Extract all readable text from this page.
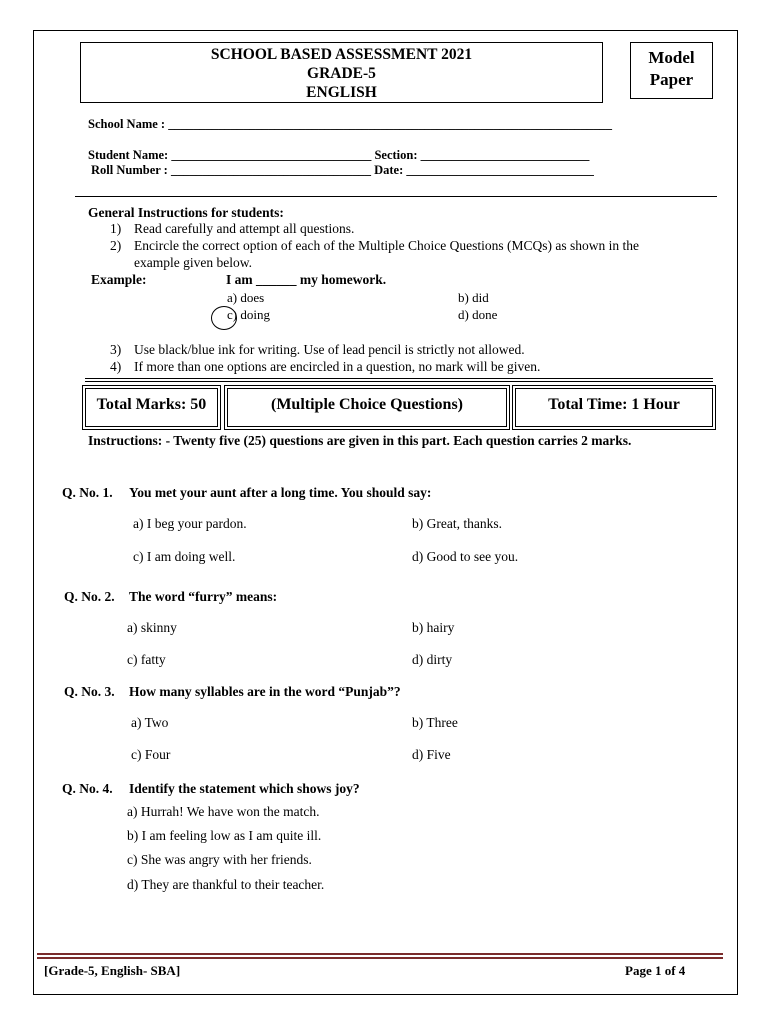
SCHOOL BASED ASSESSMENT 2021
GRADE-5
ENGLISH
Model
Paper
School Name : _______________________________________________________________________
Student Name: ________________________________ Section: ___________________________
Roll Number : ________________________________ Date: ______________________________
General Instructions for students:
1) Read carefully and attempt all questions.
2) Encircle the correct option of each of the Multiple Choice Questions (MCQs) as shown in the
example given below.
Example:	I am ______ my homework.
a) does	b) did
c) doing	d) done
3) Use black/blue ink for writing. Use of lead pencil is strictly not allowed.
4) If more than one options are encircled in a question, no mark will be given.
Total Marks: 50	(Multiple Choice Questions)	Total Time: 1 Hour
Instructions: - Twenty five (25) questions are given in this part. Each question carries 2 marks.
Q. No. 1. You met your aunt after a long time. You should say:
a) I beg your pardon.	b) Great, thanks.
c) I am doing well.	d) Good to see you.
Q. No. 2. The word “furry” means:
a) skinny	b) hairy
c) fatty	d) dirty
Q. No. 3. How many syllables are in the word “Punjab”?
a) Two	b) Three
c) Four	d) Five
Q. No. 4. Identify the statement which shows joy?
a) Hurrah! We have won the match.
b) I am feeling low as I am quite ill.
c) She was angry with her friends.
d) They are thankful to their teacher.
[Grade-5, English- SBA]	Page 1 of 4
